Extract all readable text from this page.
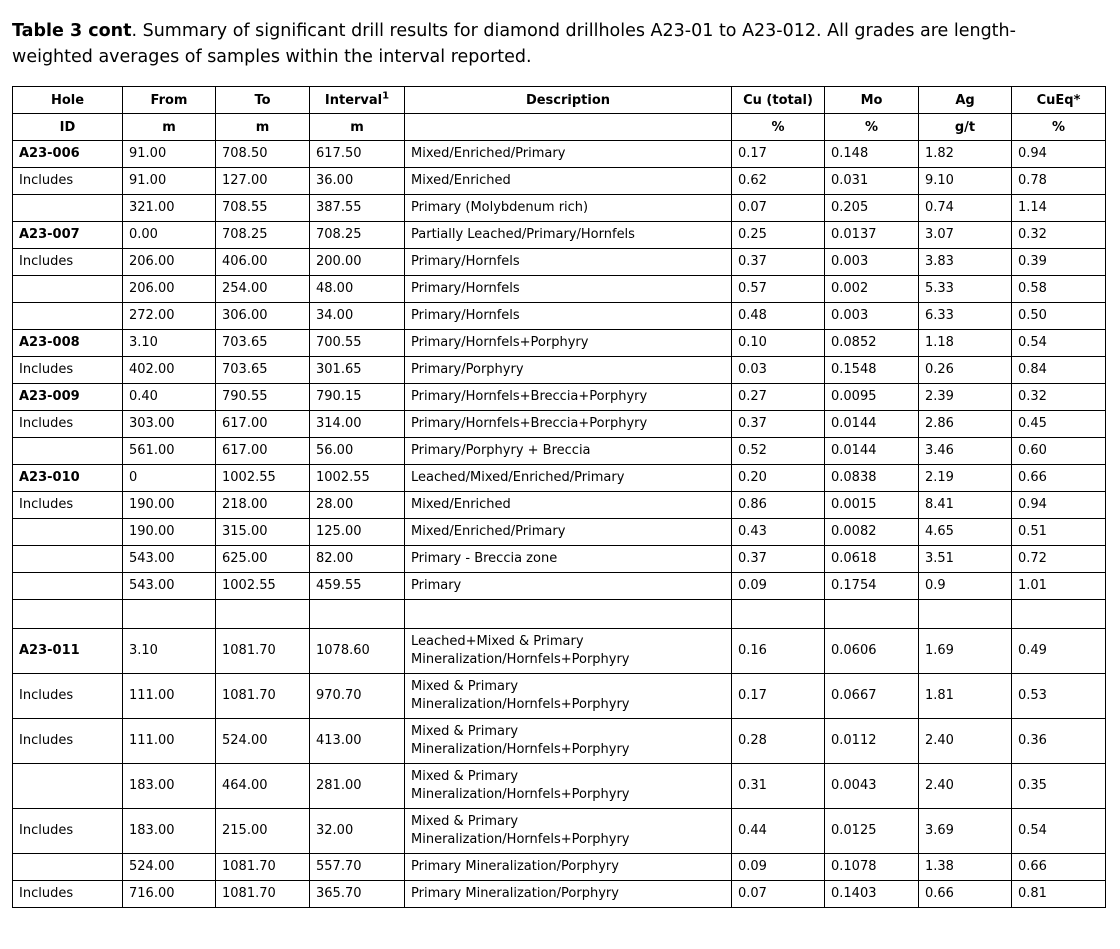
Table 3 cont. Summary of significant drill results for diamond drillholes A23-01 to A23-012. All grades are length-weighted averages of samples within the interval reported.
Hole	From	To	Interval$^1$	Description	Cu (total)	Mo	Ag	CuEq*
ID	m	m	m		%	%	g/t	%
A23-006	91.00	708.50	617.50	Mixed/Enriched/Primary	0.17	0.148	1.82	0.94
Includes	91.00	127.00	36.00	Mixed/Enriched	0.62	0.031	9.10	0.78
	321.00	708.55	387.55	Primary (Molybdenum rich)	0.07	0.205	0.74	1.14
A23-007	0.00	708.25	708.25	Partially Leached/Primary/Hornfels	0.25	0.0137	3.07	0.32
Includes	206.00	406.00	200.00	Primary/Hornfels	0.37	0.003	3.83	0.39
	206.00	254.00	48.00	Primary/Hornfels	0.57	0.002	5.33	0.58
	272.00	306.00	34.00	Primary/Hornfels	0.48	0.003	6.33	0.50
A23-008	3.10	703.65	700.55	Primary/Hornfels+Porphyry	0.10	0.0852	1.18	0.54
Includes	402.00	703.65	301.65	Primary/Porphyry	0.03	0.1548	0.26	0.84
A23-009	0.40	790.55	790.15	Primary/Hornfels+Breccia+Porphyry	0.27	0.0095	2.39	0.32
Includes	303.00	617.00	314.00	Primary/Hornfels+Breccia+Porphyry	0.37	0.0144	2.86	0.45
	561.00	617.00	56.00	Primary/Porphyry + Breccia	0.52	0.0144	3.46	0.60
A23-010	0	1002.55	1002.55	Leached/Mixed/Enriched/Primary	0.20	0.0838	2.19	0.66
Includes	190.00	218.00	28.00	Mixed/Enriched	0.86	0.0015	8.41	0.94
	190.00	315.00	125.00	Mixed/Enriched/Primary	0.43	0.0082	4.65	0.51
	543.00	625.00	82.00	Primary - Breccia zone	0.37	0.0618	3.51	0.72
	543.00	1002.55	459.55	Primary	0.09	0.1754	0.9	1.01

A23-011	3.10	1081.70	1078.60	Leached+Mixed & Primary Mineralization/Hornfels+Porphyry	0.16	0.0606	1.69	0.49
Includes	111.00	1081.70	970.70	Mixed & Primary Mineralization/Hornfels+Porphyry	0.17	0.0667	1.81	0.53
Includes	111.00	524.00	413.00	Mixed & Primary Mineralization/Hornfels+Porphyry	0.28	0.0112	2.40	0.36
	183.00	464.00	281.00	Mixed & Primary Mineralization/Hornfels+Porphyry	0.31	0.0043	2.40	0.35
Includes	183.00	215.00	32.00	Mixed & Primary Mineralization/Hornfels+Porphyry	0.44	0.0125	3.69	0.54
	524.00	1081.70	557.70	Primary Mineralization/Porphyry	0.09	0.1078	1.38	0.66
Includes	716.00	1081.70	365.70	Primary Mineralization/Porphyry	0.07	0.1403	0.66	0.81
